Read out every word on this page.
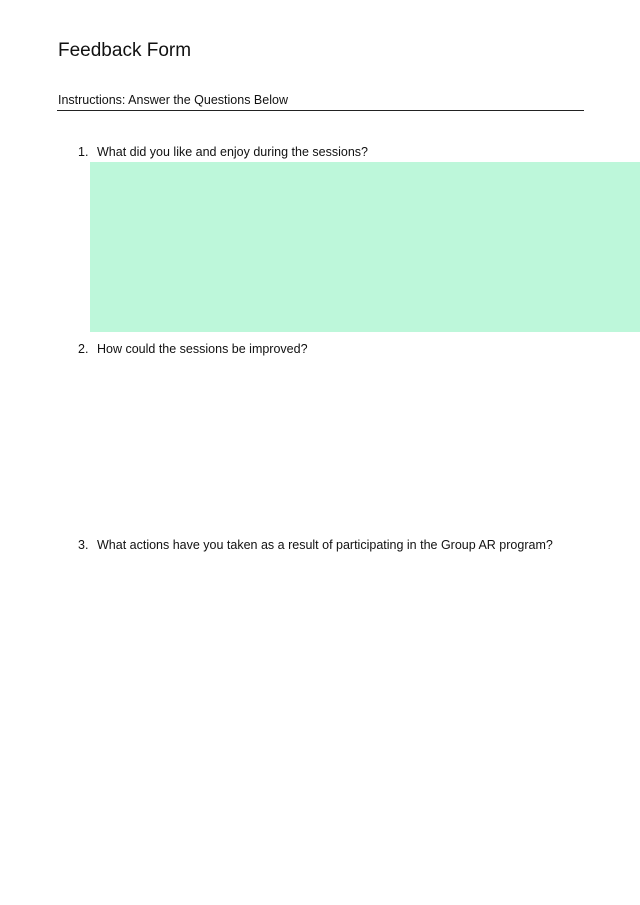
Feedback Form
Instructions: Answer the Questions Below
1. What did you like and enjoy during the sessions?
2. How could the sessions be improved?
3. What actions have you taken as a result of participating in the Group AR program?
